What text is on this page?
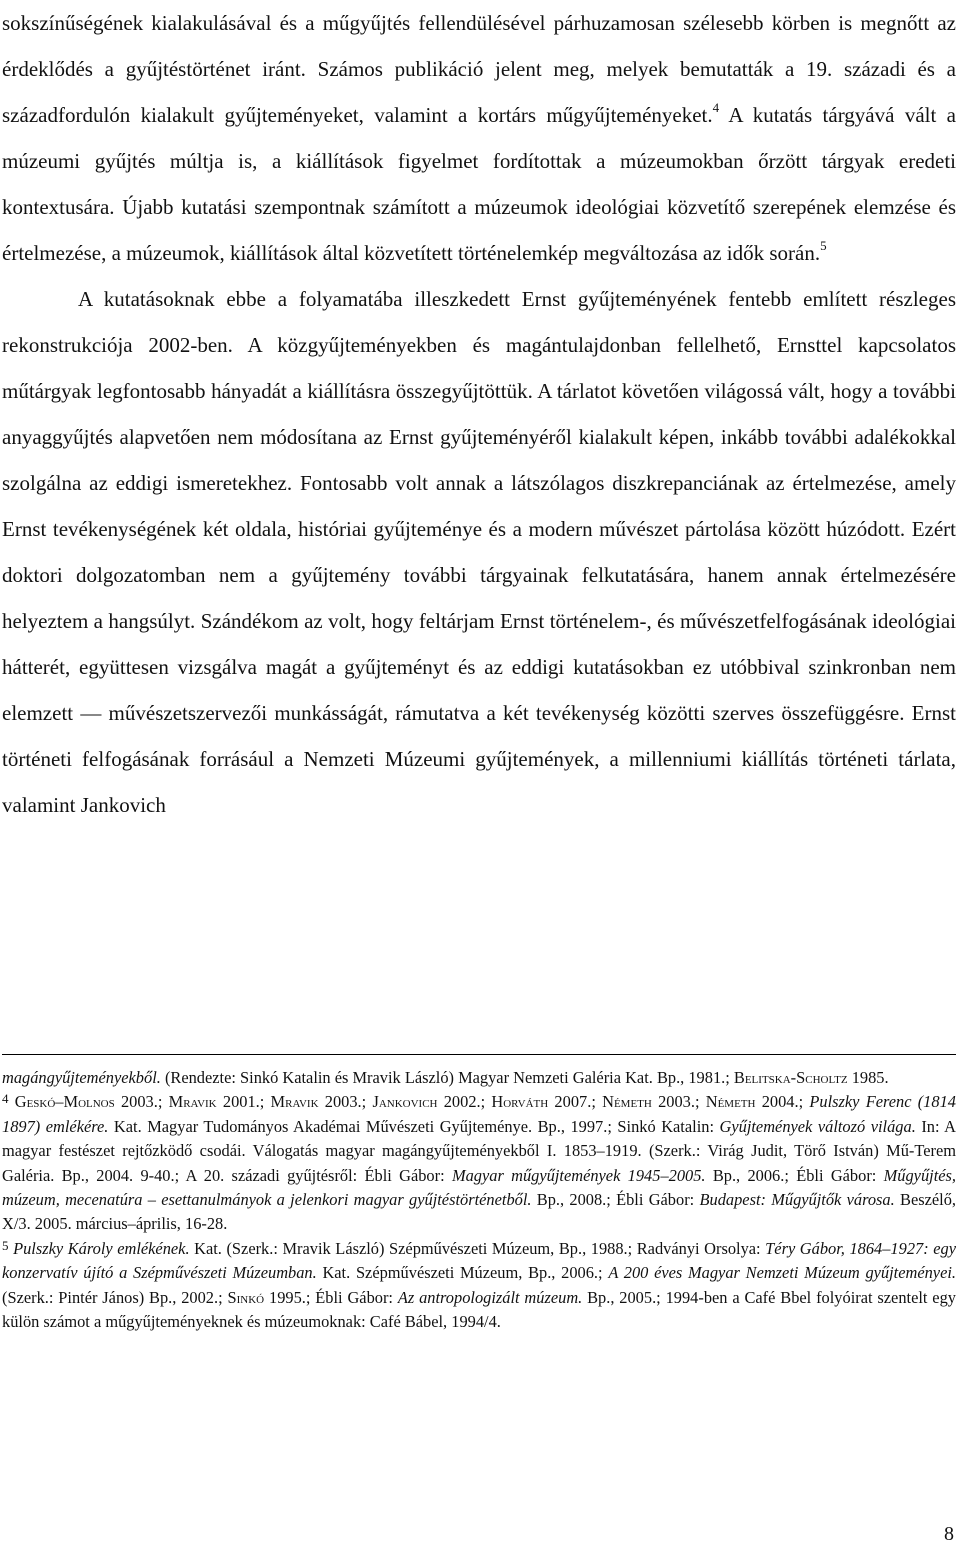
sokszínűségének kialakulásával és a műgyűjtés fellendülésével párhuzamosan szélesebb körben is megnőtt az érdeklődés a gyűjtéstörténet iránt. Számos publikáció jelent meg, melyek bemutatták a 19. századi és a századfordulón kialakult gyűjteményeket, valamint a kortárs műgyűjteményeket.$^4$ A kutatás tárgyává vált a múzeumi gyűjtés múltja is, a kiállítások figyelmet fordítottak a múzeumokban őrzött tárgyak eredeti kontextusára. Újabb kutatási szempontnak számított a múzeumok ideológiai közvetítő szerepének elemzése és értelmezése, a múzeumok, kiállítások által közvetített történelemkép megváltozása az idők során.$^5$

A kutatásoknak ebbe a folyamatába illeszkedett Ernst gyűjteményének fentebb említett részleges rekonstrukciója 2002-ben. A közgyűjteményekben és magántulajdonban fellelhető, Ernsttel kapcsolatos műtárgyak legfontosabb hányadát a kiállításra összegyűjtöttük. A tárlatot követően világossá vált, hogy a további anyaggyűjtés alapvetően nem módosítana az Ernst gyűjteményéről kialakult képen, inkább további adalékokkal szolgálna az eddigi ismeretekhez. Fontosabb volt annak a látszólagos diszkrepanciának az értelmezése, amely Ernst tevékenységének két oldala, históriai gyűjteménye és a modern művészet pártolása között húzódott. Ezért doktori dolgozatomban nem a gyűjtemény további tárgyainak felkutatására, hanem annak értelmezésére helyeztem a hangsúlyt. Szándékom az volt, hogy feltárjam Ernst történelem-, és művészetfelfogásának ideológiai hátterét, együttesen vizsgálva magát a gyűjteményt és az eddigi kutatásokban ez utóbbival szinkronban nem elemzett — művészetszervezői munkásságát, rámutatva a két tevékenység közötti szerves összefüggésre. Ernst történeti felfogásának forrásául a Nemzeti Múzeumi gyűjtemények, a millenniumi kiállítás történeti tárlata, valamint Jankovich

magángyűjteményekből. (Rendezte: Sinkó Katalin és Mravik László) Magyar Nemzeti Galéria Kat. Bp., 1981.; Belitska-Scholtz 1985.

$^4$ Geskó–Molnos 2003.; Mravik 2001.; Mravik 2003.; Jankovich 2002.; Horváth 2007.; Németh 2003.; Németh 2004.; Pulszky Ferenc (1814 1897) emlékére. Kat. Magyar Tudományos Akadémai Művészeti Gyűjteménye. Bp., 1997.; Sinkó Katalin: Gyűjtemények változó világa. In: A magyar festészet rejtőzködő csodái. Válogatás magyar magángyűjteményekből I. 1853–1919. (Szerk.: Virág Judit, Törő István) Mű-Terem Galéria. Bp., 2004. 9-40.; A 20. századi gyűjtésről: Ébli Gábor: Magyar műgyűjtemények 1945–2005. Bp., 2006.; Ébli Gábor: Műgyűjtés, múzeum, mecenatúra – esettanulmányok a jelenkori magyar gyűjtéstörténetből. Bp., 2008.; Ébli Gábor: Budapest: Műgyűjtők városa. Beszélő, X/3. 2005. március–április, 16-28.

$^5$ Pulszky Károly emlékének. Kat. (Szerk.: Mravik László) Szépművészeti Múzeum, Bp., 1988.; Radványi Orsolya: Téry Gábor, 1864–1927: egy konzervatív újító a Szépművészeti Múzeumban. Kat. Szépművészeti Múzeum, Bp., 2006.; A 200 éves Magyar Nemzeti Múzeum gyűjteményei. (Szerk.: Pintér János) Bp., 2002.; Sinkó 1995.; Ébli Gábor: Az antropologizált múzeum. Bp., 2005.; 1994-ben a Café Bbel folyóirat szentelt egy külön számot a műgyűjteményeknek és múzeumoknak: Café Bábel, 1994/4.

8
